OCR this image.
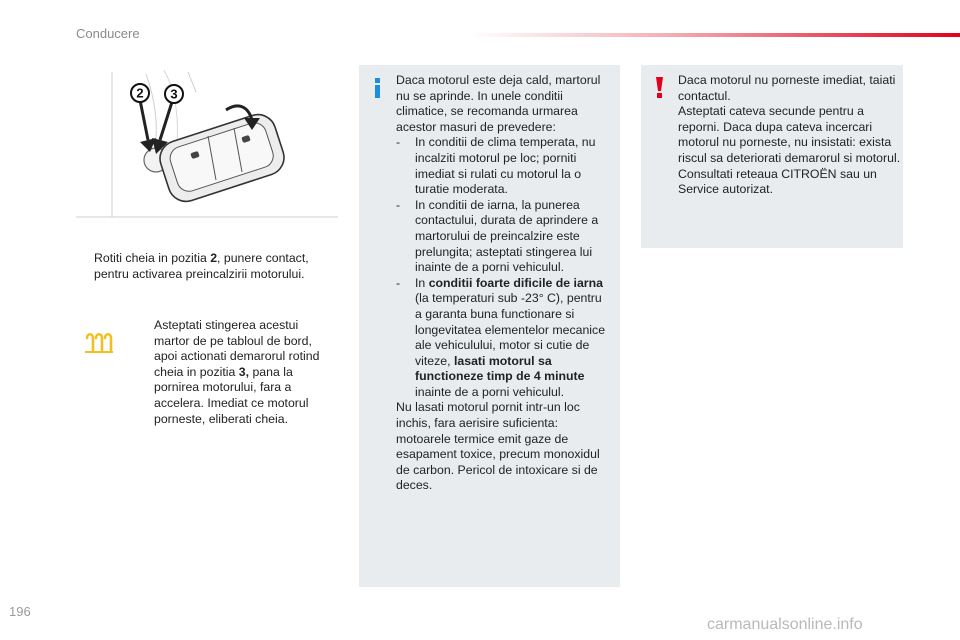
Conducere
2 3
Rotiti cheia in pozitia 2, punere contact, pentru activarea preincalzirii motorului.
Asteptati stingerea acestui martor de pe tabloul de bord, apoi actionati demarorul rotind cheia in pozitia 3, pana la pornirea motorului, fara a accelera. Imediat ce motorul porneste, eliberati cheia.

Daca motorul este deja cald, martorul nu se aprinde. In unele conditii climatice, se recomanda urmarea acestor masuri de prevedere:

- In conditii de clima temperata, nu incalziti motorul pe loc; porniti imediat si rulati cu motorul la o turatie moderata.

- In conditii de iarna, la punerea contactului, durata de aprindere a martorului de preincalzire este prelungita; asteptati stingerea lui inainte de a porni vehiculul.

- In conditii foarte dificile de iarna (la temperaturi sub -23° C), pentru a garanta buna functionare si longevitatea elementelor mecanice ale vehiculului, motor si cutie de viteze, lasati motorul sa functioneze timp de 4 minute inainte de a porni vehiculul.

Nu lasati motorul pornit intr-un loc inchis, fara aerisire suficienta: motoarele termice emit gaze de esapament toxice, precum monoxidul de carbon. Pericol de intoxicare si de deces.

Daca motorul nu porneste imediat, taiati contactul.

Asteptati cateva secunde pentru a reporni. Daca dupa cateva incercari motorul nu porneste, nu insistati: exista riscul sa deteriorati demarorul si motorul.

Consultati reteaua CITROËN sau un Service autorizat.

196
carmanualsonline.info
